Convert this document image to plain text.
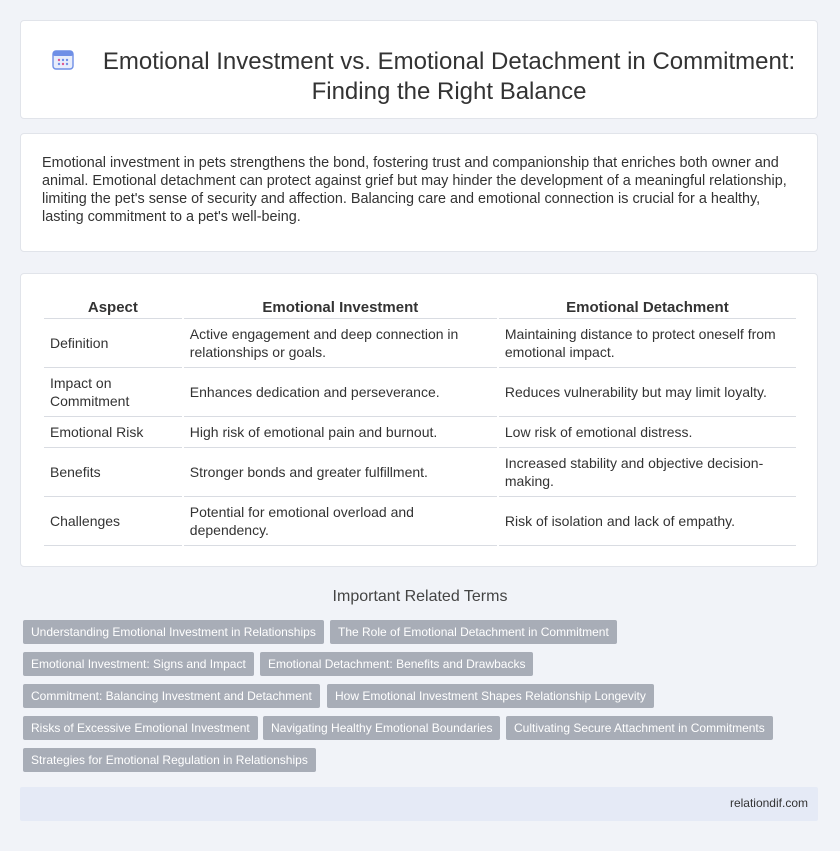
Emotional Investment vs. Emotional Detachment in Commitment: Finding the Right Balance

Emotional investment in pets strengthens the bond, fostering trust and companionship that enriches both owner and animal. Emotional detachment can protect against grief but may hinder the development of a meaningful relationship, limiting the pet's sense of security and affection. Balancing care and emotional connection is crucial for a healthy, lasting commitment to a pet's well-being.

Aspect	Emotional Investment	Emotional Detachment
Definition	Active engagement and deep connection in relationships or goals.	Maintaining distance to protect oneself from emotional impact.
Impact on Commitment	Enhances dedication and perseverance.	Reduces vulnerability but may limit loyalty.
Emotional Risk	High risk of emotional pain and burnout.	Low risk of emotional distress.
Benefits	Stronger bonds and greater fulfillment.	Increased stability and objective decision-making.
Challenges	Potential for emotional overload and dependency.	Risk of isolation and lack of empathy.
Important Related Terms
Understanding Emotional Investment in Relationships	The Role of Emotional Detachment in Commitment
Emotional Investment: Signs and Impact	Emotional Detachment: Benefits and Drawbacks
Commitment: Balancing Investment and Detachment	How Emotional Investment Shapes Relationship Longevity
Risks of Excessive Emotional Investment	Navigating Healthy Emotional Boundaries	Cultivating Secure Attachment in Commitments
Strategies for Emotional Regulation in Relationships
relationdif.com
